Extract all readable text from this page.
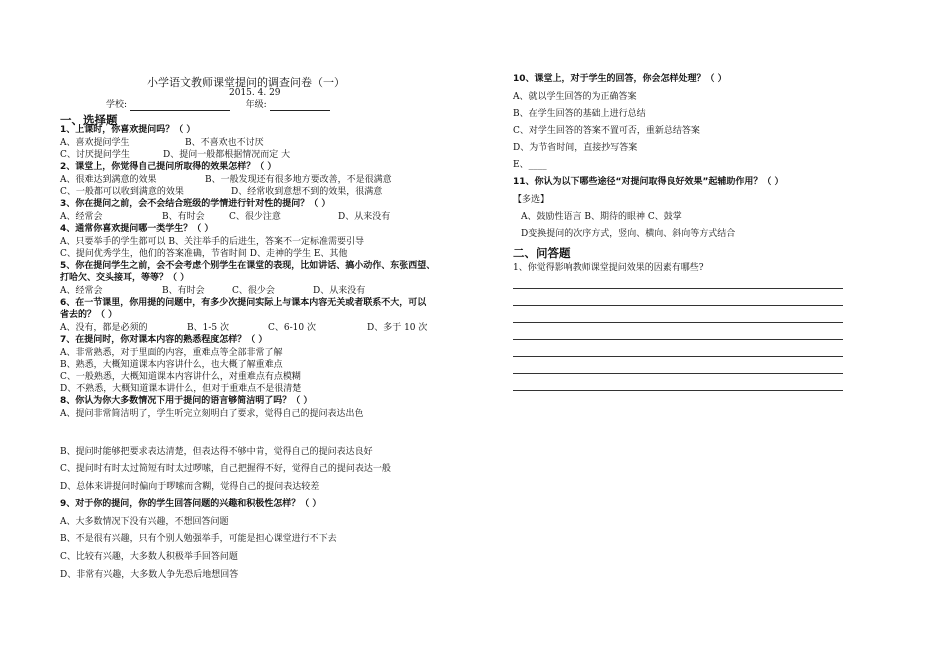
小学语文教师课堂提问的调查问卷（一）
2015. 4. 29
学校:	年级:
一、选择题
1、上课时，你喜欢提问吗？（ ）
A、喜欢提问学生	B、不喜欢也不讨厌
C、讨厌提问学生	D、提问一般都根据情况而定 大
2、课堂上，你觉得自己提问所取得的效果怎样？（ ）
A、很难达到满意的效果	B、一般发现还有很多地方要改善，不是很满意
C、一般都可以收到满意的效果	D、经常收到意想不到的效果，很满意
3、你在提问之前，会不会结合班级的学情进行针对性的提问？（ ）
A、经常会	B、有时会	C、很少注意	D、从来没有
4、通常你喜欢提问哪一类学生？（ ）
A、只要举手的学生都可以 B、关注举手的后进生，答案不一定标准需要引导
C、提问优秀学生，他们的答案准确，节省时间 D、走神的学生 E、其他
5、你在提问学生之前，会不会考虑个别学生在课堂的表现，比如讲话、搞小动作、东张西望、
打哈欠、交头接耳，等等？（ ）
A、经常会	B、有时会	C、很少会	D、从来没有
6、在一节课里，你用提的问题中，有多少次提问实际上与课本内容无关或者联系不大，可以
省去的？（ ）
A、没有，都是必须的	B、1-5 次	C、6-10 次	D、多于 10 次
7、在提问时，你对课本内容的熟悉程度怎样？（ ）
A、非常熟悉，对于里面的内容，重难点等全部非常了解
B、熟悉，大概知道课本内容讲什么，也大概了解重难点
C、一般熟悉，大概知道课本内容讲什么，对重难点有点模糊
D、不熟悉，大概知道课本讲什么，但对于重难点不是很清楚
8、你认为你大多数情况下用于提问的语言够简洁明了吗？（ ）
A、提问非常简洁明了，学生听完立刻明白了要求，觉得自己的提问表达出色
B、提问时能够把要求表达清楚，但表达得不够中肯，觉得自己的提问表达良好
C、提问时有时太过简短有时太过啰嗦，自己把握得不好，觉得自己的提问表达一般
D、总体来讲提问时偏向于啰嗦而含糊，觉得自己的提问表达较差
9、对于你的提问，你的学生回答问题的兴趣和积极性怎样？（ ）
A、大多数情况下没有兴趣，不想回答问题
B、不是很有兴趣，只有个别人勉强举手，可能是担心课堂进行不下去
C、比较有兴趣，大多数人积极举手回答问题
D、非常有兴趣，大多数人争先恐后地想回答
10、课堂上，对于学生的回答，你会怎样处理？（ ）
A、就以学生回答的为正确答案
B、在学生回答的基础上进行总结
C、对学生回答的答案不置可否，重新总结答案
D、为节省时间，直接抄写答案
E、____
11、你认为以下哪些途径“对提问取得良好效果”起辅助作用？（ ）
【多选】
A、鼓励性语言 B、期待的眼神 C、鼓掌
D变换提问的次序方式，竖向、横向、斜向等方式结合
二、问答题
1、你觉得影响教师课堂提问效果的因素有哪些?
